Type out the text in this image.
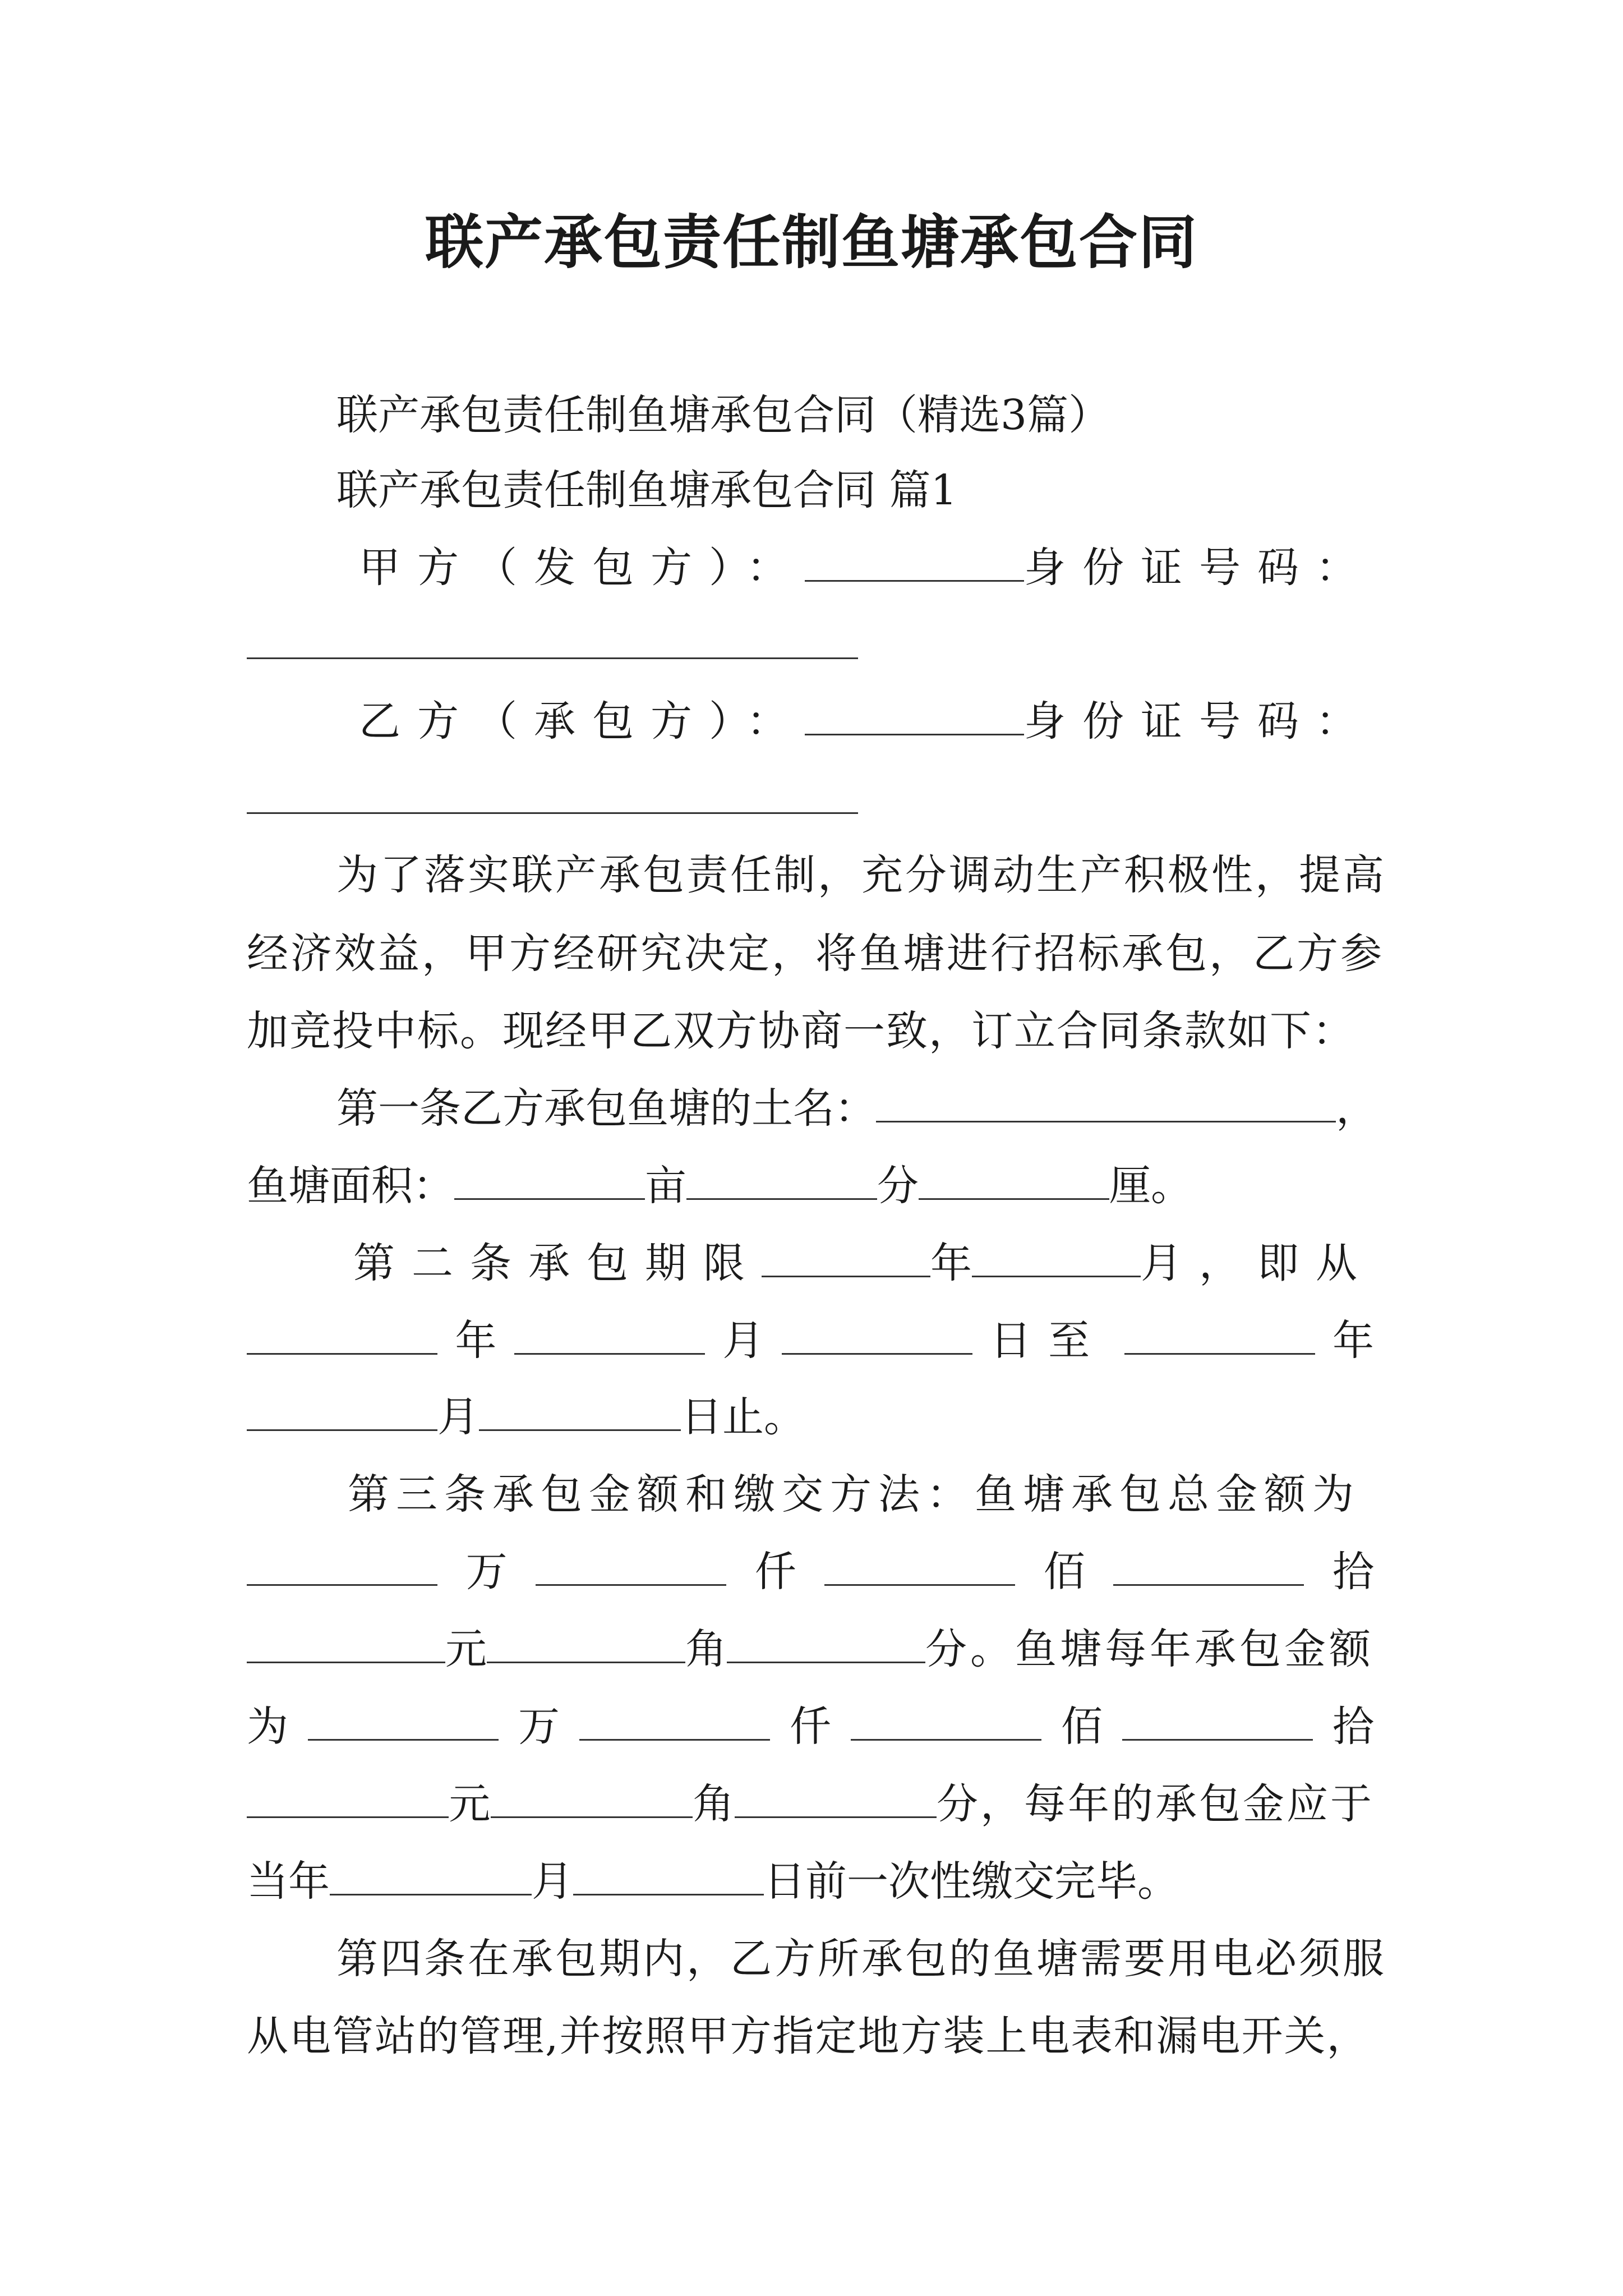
联产承包责任制鱼塘承包合同
联产承包责任制鱼塘承包合同（精选3篇）
联产承包责任制鱼塘承包合同 篇1
甲方（发包方）：	身份证号码：
乙方（承包方）：	身份证号码：
为了落实联产承包责任制，充分调动生产积极性，提高
经济效益，甲方经研究决定，将鱼塘进行招标承包，乙方参
加竞投中标。现经甲乙双方协商一致，订立合同条款如下：
第一条乙方承包鱼塘的土名：	，
鱼塘面积：	亩	分	厘。
第二条承包期限	年	月，即从
年	月	日至	年
月	日止。
第三条承包金额和缴交方法：鱼塘承包总金额为
万	仟	佰	拾
元	角	分。鱼塘每年承包金额
为	万	仟	佰	拾
元	角	分，每年的承包金应于
当年	月	日前一次性缴交完毕。
第四条在承包期内，乙方所承包的鱼塘需要用电必须服
从电管站的管理,并按照甲方指定地方装上电表和漏电开关，
